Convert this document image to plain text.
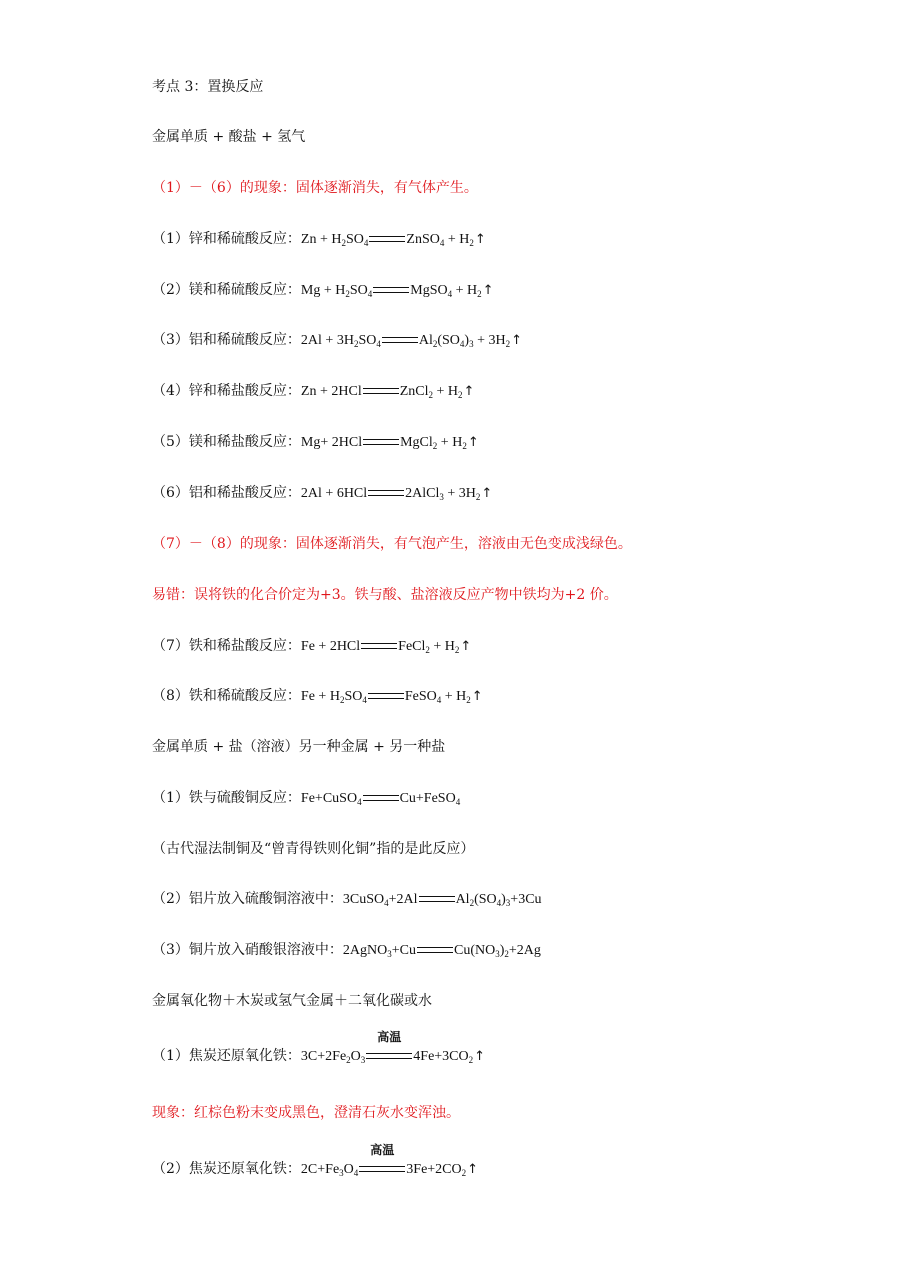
考点 3：置换反应
金属单质 + 酸盐 + 氢气
（1）－（6）的现象：固体逐渐消失，有气体产生。
（1）锌和稀硫酸反应：$Zn + H_2SO_4$	ZnSO$_4$ + $H_2↑$
（2）镁和稀硫酸反应：$Mg + H_2SO_4$	MgSO$_4$ + $H_2↑$
（3）铝和稀硫酸反应：$2Al + 3H_2SO_4$	$Al_2(SO_4)_3$ + $3H_2↑$
（4）锌和稀盐酸反应：Zn + 2HCl	ZnCl$_2$ + $H_2↑$
（5）镁和稀盐酸反应：Mg+ 2HCl	MgCl$_2$ + $H_2↑$
（6）铝和稀盐酸反应：2Al + 6HCl	2AlCl$_3$ + $3H_2↑$
（7）－（8）的现象：固体逐渐消失，有气泡产生，溶液由无色变成浅绿色。
易错：误将铁的化合价定为+3。铁与酸、盐溶液反应产物中铁均为+2 价。
（7）铁和稀盐酸反应：Fe + 2HCl	FeCl$_2$ + $H_2↑$
（8）铁和稀硫酸反应：$Fe + H_2SO_4$	FeSO$_4$ + $H_2↑$
金属单质 + 盐（溶液）另一种金属 + 另一种盐
（1）铁与硫酸铜反应：Fe+CuSO$_4$	Cu+FeSO$_4$
（古代湿法制铜及“曾青得铁则化铜”指的是此反应）
（2）铝片放入硫酸铜溶液中：3CuSO$_4$+2Al	$Al_2(SO_4)_3+3Cu$
（3）铜片放入硝酸银溶液中：2AgNO$_3$+Cu	$Cu(NO_3)_2+2Ag$
金属氧化物＋木炭或氢气金属＋二氧化碳或水
（1）焦炭还原氧化铁：$3C+2Fe_2O_3$
高温
$4Fe+3CO_2↑$
现象：红棕色粉末变成黑色，澄清石灰水变浑浊。
（2）焦炭还原氧化铁：$2C+Fe_3O_4$
高温
$3Fe+2CO_2↑$
